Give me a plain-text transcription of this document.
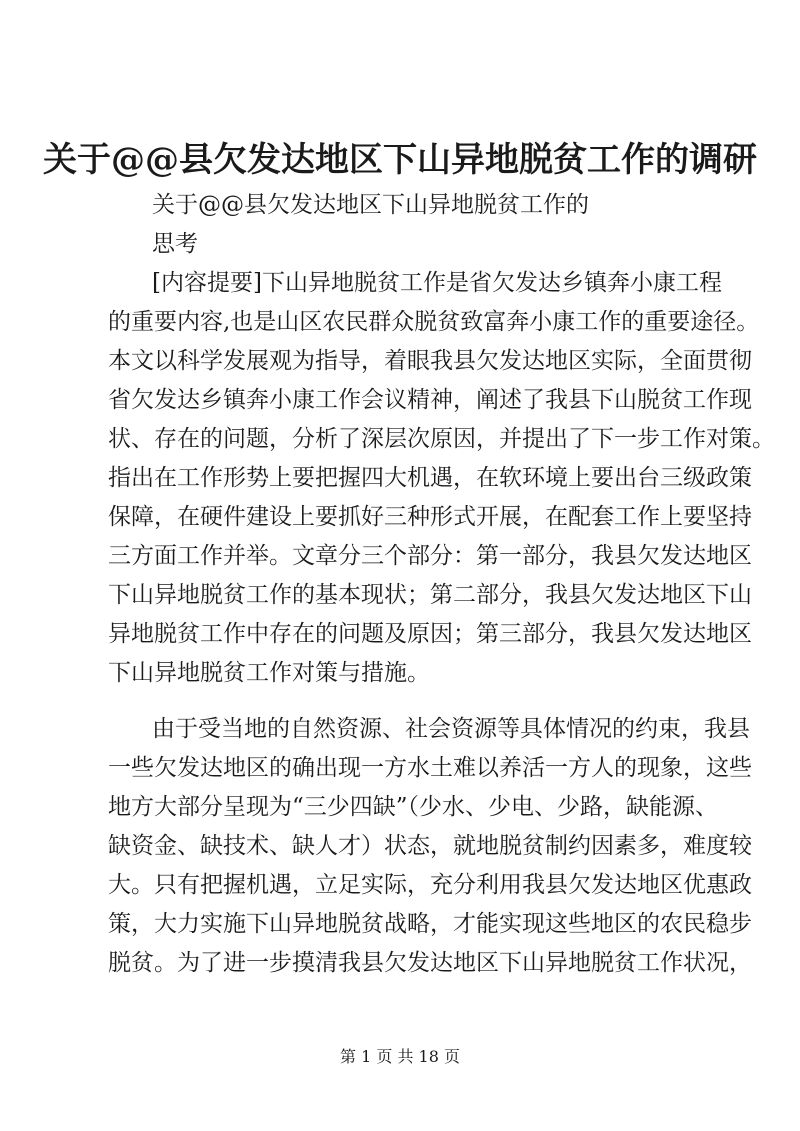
关于@@县欠发达地区下山异地脱贫工作的调研
关于@@县欠发达地区下山异地脱贫工作的
思考
[内容提要]下山异地脱贫工作是省欠发达乡镇奔小康工程
的重要内容,也是山区农民群众脱贫致富奔小康工作的重要途径。
本文以科学发展观为指导，着眼我县欠发达地区实际，全面贯彻
省欠发达乡镇奔小康工作会议精神，阐述了我县下山脱贫工作现
状、存在的问题，分析了深层次原因，并提出了下一步工作对策。
指出在工作形势上要把握四大机遇，在软环境上要出台三级政策
保障，在硬件建设上要抓好三种形式开展，在配套工作上要坚持
三方面工作并举。文章分三个部分：第一部分，我县欠发达地区
下山异地脱贫工作的基本现状；第二部分，我县欠发达地区下山
异地脱贫工作中存在的问题及原因；第三部分，我县欠发达地区
下山异地脱贫工作对策与措施。
由于受当地的自然资源、社会资源等具体情况的约束，我县
一些欠发达地区的确出现一方水土难以养活一方人的现象，这些
地方大部分呈现为“三少四缺”（少水、少电、少路，缺能源、
缺资金、缺技术、缺人才）状态，就地脱贫制约因素多，难度较
大。只有把握机遇，立足实际，充分利用我县欠发达地区优惠政
策，大力实施下山异地脱贫战略，才能实现这些地区的农民稳步
脱贫。为了进一步摸清我县欠发达地区下山异地脱贫工作状况，
第 1 页 共 18 页
